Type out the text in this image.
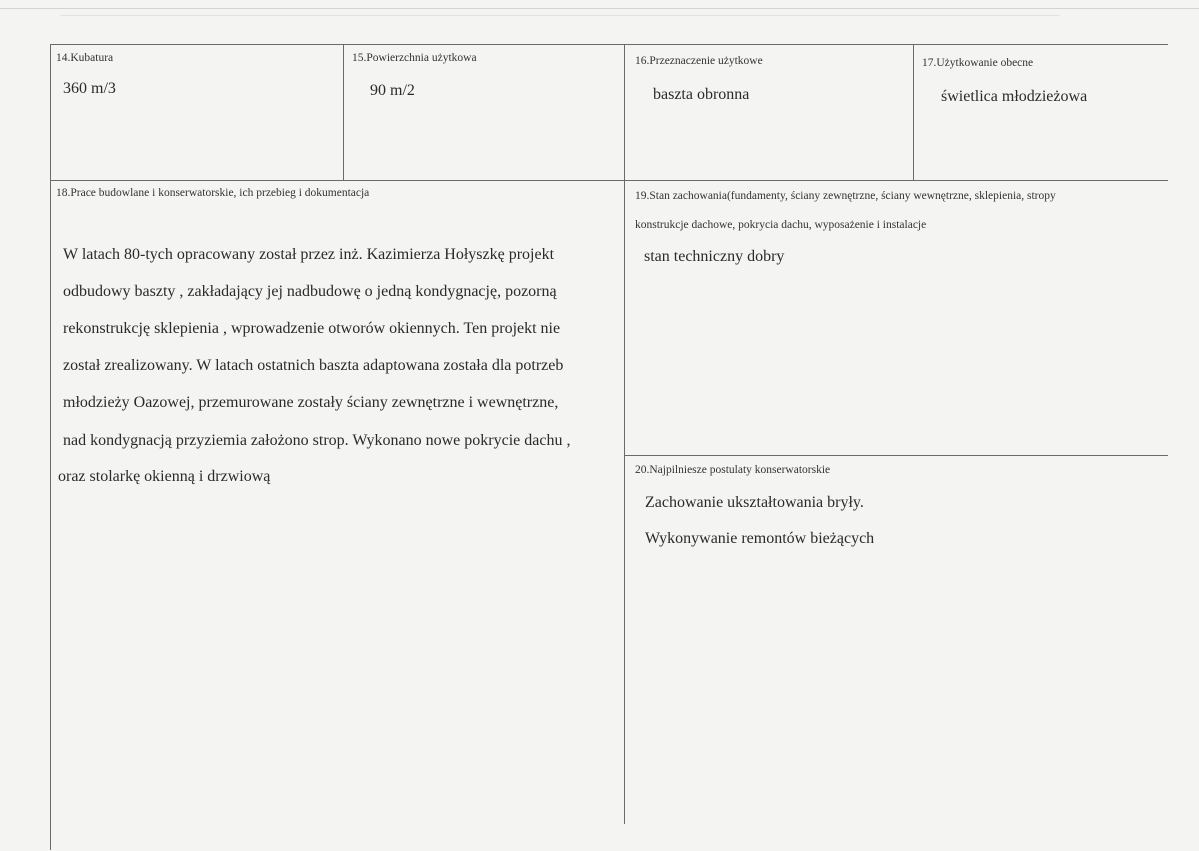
14.Kubatura
360 m/3
15.Powierzchnia użytkowa
90 m/2
16.Przeznaczenie użytkowe
baszta obronna
17.Użytkowanie obecne
świetlica młodzieżowa
18.Prace budowlane i konserwatorskie, ich przebieg i dokumentacja
W latach 80-tych opracowany został przez inż. Kazimierza Hołyszkę projekt
odbudowy baszty , zakładający jej nadbudowę o jedną kondygnację, pozorną
rekonstrukcję sklepienia , wprowadzenie otworów okiennych. Ten projekt nie
został zrealizowany. W latach ostatnich baszta adaptowana została dla potrzeb
młodzieży Oazowej, przemurowane zostały ściany zewnętrzne i wewnętrzne,
nad kondygnacją przyziemia założono strop. Wykonano nowe pokrycie dachu ,
oraz stolarkę okienną i drzwiową
19.Stan zachowania(fundamenty, ściany zewnętrzne, ściany wewnętrzne, sklepienia, stropy
konstrukcje dachowe, pokrycia dachu, wyposażenie i instalacje
stan techniczny dobry
20.Najpilniesze postulaty konserwatorskie
Zachowanie ukształtowania bryły.
Wykonywanie remontów bieżących
